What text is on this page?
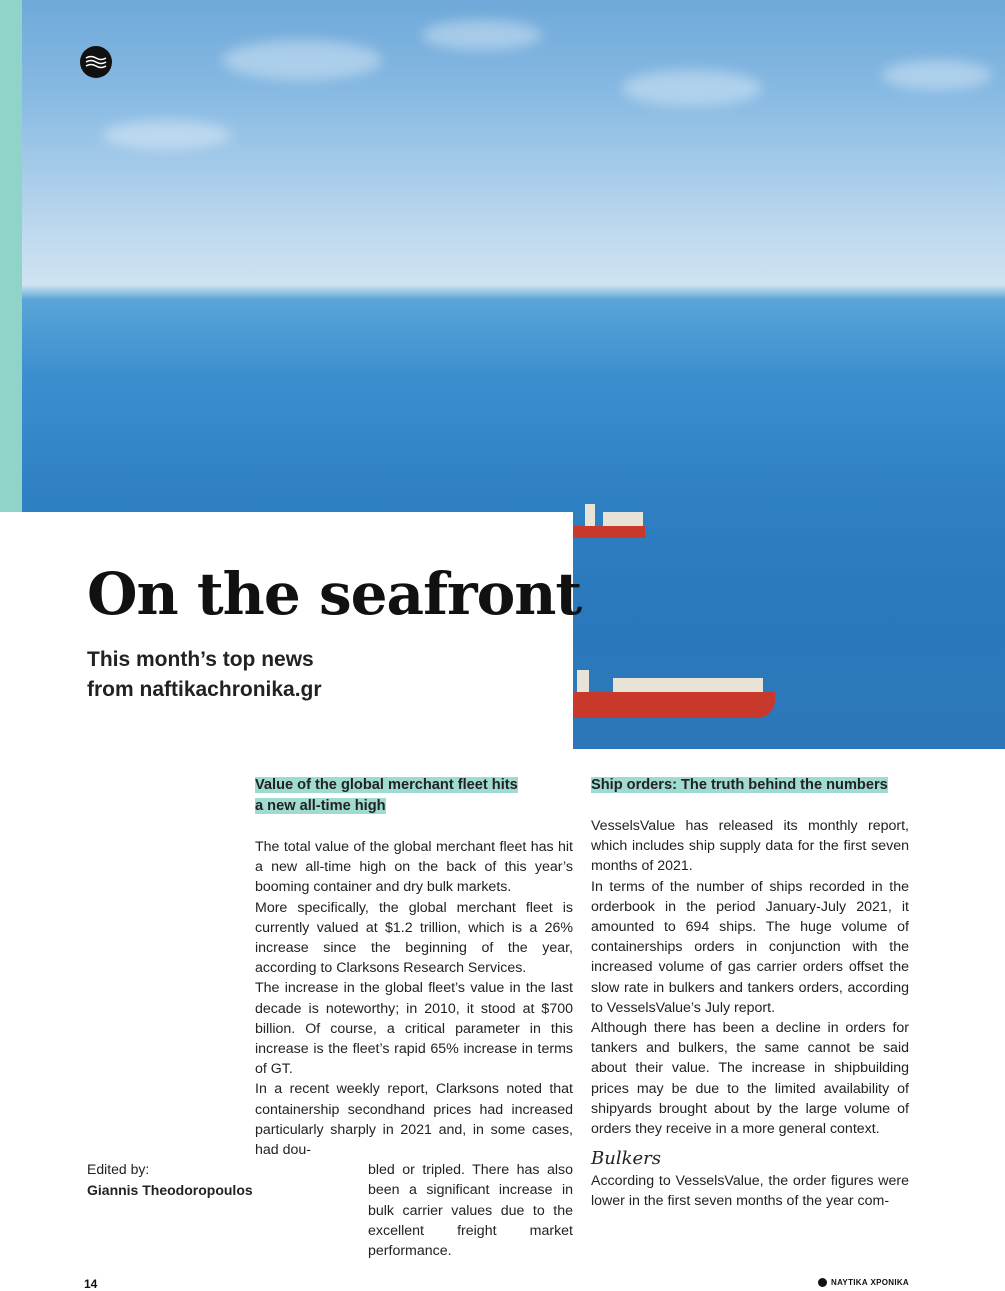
On the seafront
This month’s top news
from naftikachronika.gr
Value of the global merchant fleet hits
a new all-time high

The total value of the global merchant fleet has hit a new all-time high on the back of this year’s booming container and dry bulk markets.

More specifically, the global merchant fleet is currently valued at $1.2 trillion, which is a 26% increase since the beginning of the year, according to Clarksons Research Services.

The increase in the global fleet’s value in the last decade is noteworthy; in 2010, it stood at $700 billion. Of course, a critical parameter in this increase is the fleet’s rapid 65% increase in terms of GT.

In a recent weekly report, Clarksons noted that containership secondhand prices had increased particularly sharply in 2021 and, in some cases, had dou-

bled or tripled. There has also been a significant increase in bulk carrier values due to the excellent freight market performance.

Ship orders: The truth behind the numbers

VesselsValue has released its monthly report, which includes ship supply data for the first seven months of 2021.

In terms of the number of ships recorded in the orderbook in the period January-July 2021, it amounted to 694 ships. The huge volume of containerships orders in conjunction with the increased volume of gas carrier orders offset the slow rate in bulkers and tankers orders, according to VesselsValue’s July report.

Although there has been a decline in orders for tankers and bulkers, the same cannot be said about their value. The increase in shipbuilding prices may be due to the limited availability of shipyards brought about by the large volume of orders they receive in a more general context.

Bulkers

According to VesselsValue, the order figures were lower in the first seven months of the year com-

Edited by:
Giannis Theodoropoulos
14	ΝΑΥΤΙΚΑ ΧΡΟΝΙΚΑ
